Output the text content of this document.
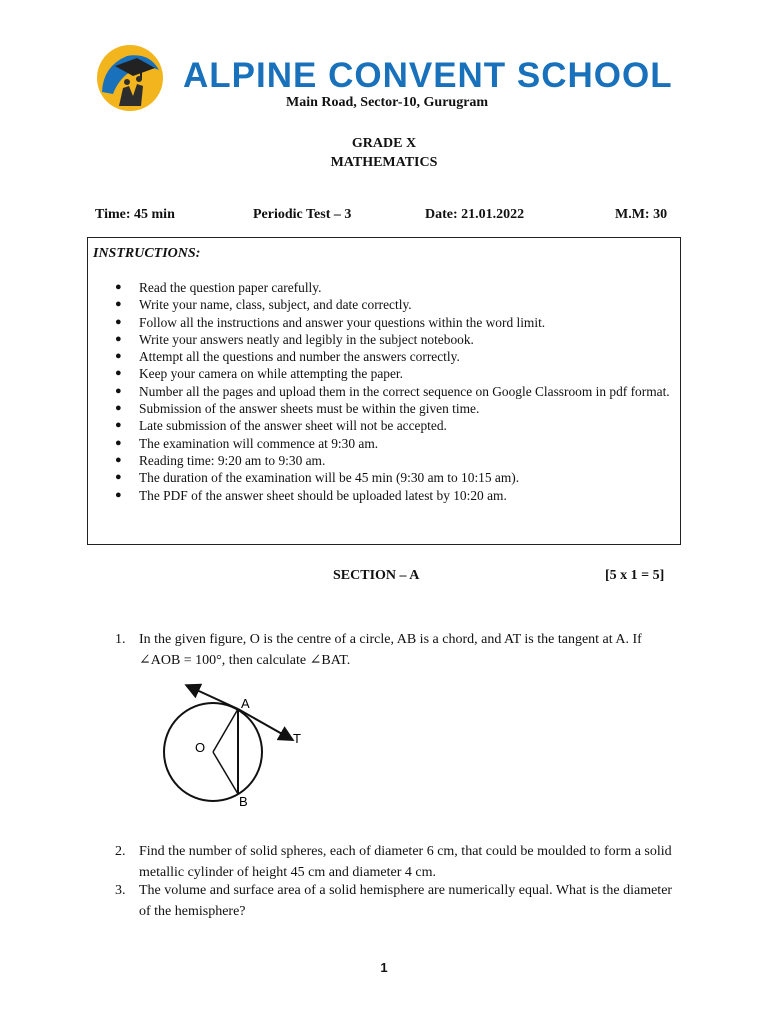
ALPINE CONVENT SCHOOL
Main Road, Sector-10, Gurugram
GRADE X
MATHEMATICS
Time: 45 min	Periodic Test – 3	Date: 21.01.2022	M.M: 30
INSTRUCTIONS:
● Read the question paper carefully.
● Write your name, class, subject, and date correctly.
● Follow all the instructions and answer your questions within the word limit.
● Write your answers neatly and legibly in the subject notebook.
● Attempt all the questions and number the answers correctly.
● Keep your camera on while attempting the paper.
● Number all the pages and upload them in the correct sequence on Google Classroom in pdf format.
● Submission of the answer sheets must be within the given time.
● Late submission of the answer sheet will not be accepted.
● The examination will commence at 9:30 am.
● Reading time: 9:20 am to 9:30 am.
● The duration of the examination will be 45 min (9:30 am to 10:15 am).
● The PDF of the answer sheet should be uploaded latest by 10:20 am.
SECTION – A	[5 x 1 = 5]
1. In the given figure, O is the centre of a circle, AB is a chord, and AT is the tangent at A. If ∠AOB = 100°, then calculate ∠BAT.
A
O
B
T
2. Find the number of solid spheres, each of diameter 6 cm, that could be moulded to form a solid metallic cylinder of height 45 cm and diameter 4 cm.
3. The volume and surface area of a solid hemisphere are numerically equal. What is the diameter of the hemisphere?
1
